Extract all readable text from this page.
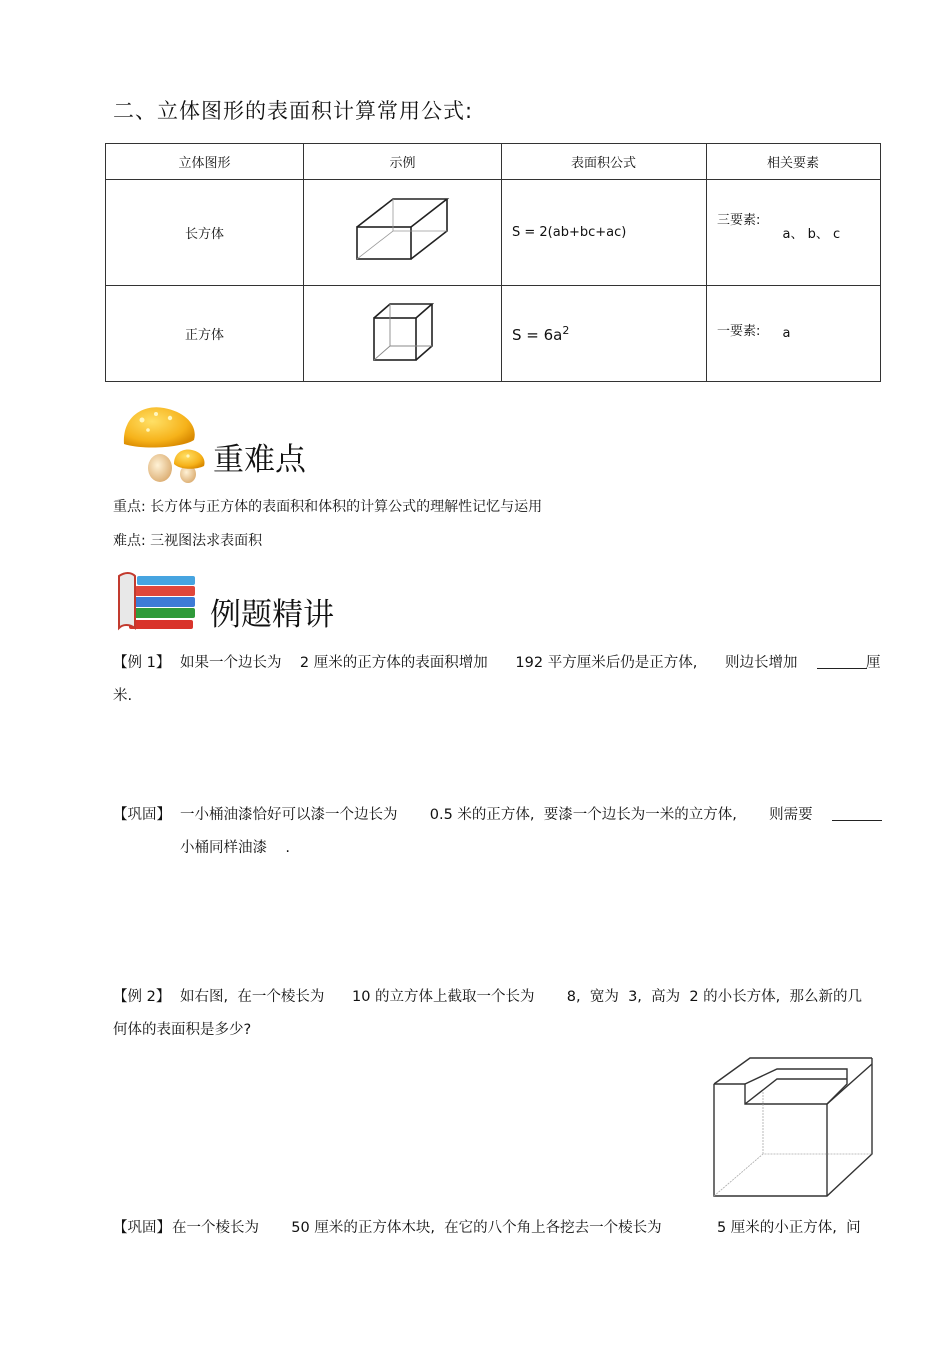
二、立体图形的表面积计算常用公式:
立体图形	示例	表面积公式	相关要素
长方体		S = 2(ab+bc+ac)	三要素: a、 b、 c
正方体		$S = 6a^2$	一要素: a
重难点
重点: 长方体与正方体的表面积和体积的计算公式的理解性记忆与运用
难点: 三视图法求表面积
例题精讲
【例 1】 如果一个边长为    2 厘米的正方体的表面积增加      192 平方厘米后仍是正方体,      则边长增加	厘
米.
【巩固】 一小桶油漆恰好可以漆一个边长为       0.5 米的正方体,  要漆一个边长为一米的立方体,       则需要
小桶同样油漆    .
【例 2】 如右图,  在一个棱长为      10 的立方体上截取一个长为       8,  宽为  3,  高为  2 的小长方体,  那么新的几
何体的表面积是多少?
【巩固】 在一个棱长为       50 厘米的正方体木块,  在它的八个角上各挖去一个棱长为            5 厘米的小正方体,  问
